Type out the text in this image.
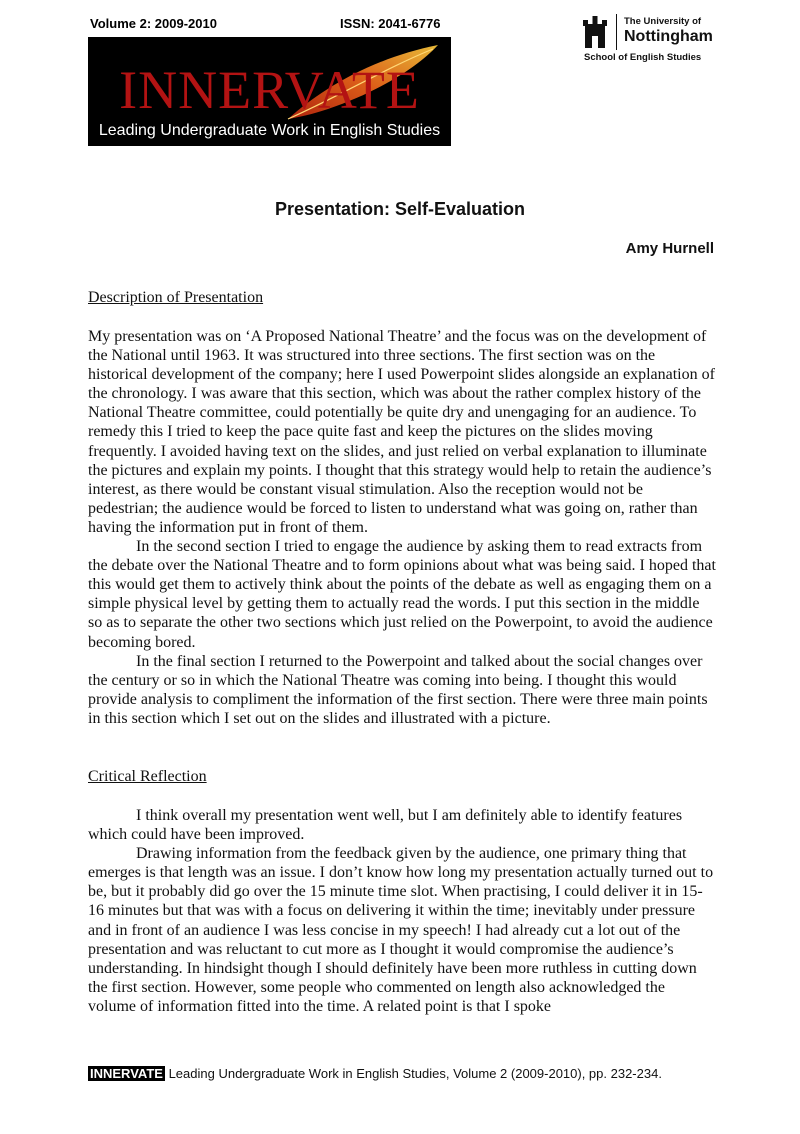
Volume 2: 2009-2010	ISSN: 2041-6776
INNERVATE
Leading Undergraduate Work in English Studies
The University of
Nottingham
School of English Studies
Presentation: Self-Evaluation
Amy Hurnell
Description of Presentation

My presentation was on ‘A Proposed National Theatre’ and the focus was on the development of the National until 1963. It was structured into three sections. The first section was on the historical development of the company; here I used Powerpoint slides alongside an explanation of the chronology. I was aware that this section, which was about the rather complex history of the National Theatre committee, could potentially be quite dry and unengaging for an audience. To remedy this I tried to keep the pace quite fast and keep the pictures on the slides moving frequently. I avoided having text on the slides, and just relied on verbal explanation to illuminate the pictures and explain my points. I thought that this strategy would help to retain the audience’s interest, as there would be constant visual stimulation. Also the reception would not be pedestrian; the audience would be forced to listen to understand what was going on, rather than having the information put in front of them.

In the second section I tried to engage the audience by asking them to read extracts from the debate over the National Theatre and to form opinions about what was being said. I hoped that this would get them to actively think about the points of the debate as well as engaging them on a simple physical level by getting them to actually read the words. I put this section in the middle so as to separate the other two sections which just relied on the Powerpoint, to avoid the audience becoming bored.

In the final section I returned to the Powerpoint and talked about the social changes over the century or so in which the National Theatre was coming into being. I thought this would provide analysis to compliment the information of the first section. There were three main points in this section which I set out on the slides and illustrated with a picture.

Critical Reflection

I think overall my presentation went well, but I am definitely able to identify features which could have been improved.

Drawing information from the feedback given by the audience, one primary thing that emerges is that length was an issue. I don’t know how long my presentation actually turned out to be, but it probably did go over the 15 minute time slot. When practising, I could deliver it in 15-16 minutes but that was with a focus on delivering it within the time; inevitably under pressure and in front of an audience I was less concise in my speech! I had already cut a lot out of the presentation and was reluctant to cut more as I thought it would compromise the audience’s understanding. In hindsight though I should definitely have been more ruthless in cutting down the first section. However, some people who commented on length also acknowledged the volume of information fitted into the time. A related point is that I spoke

INNERVATE Leading Undergraduate Work in English Studies, Volume 2 (2009-2010), pp. 232-234.
